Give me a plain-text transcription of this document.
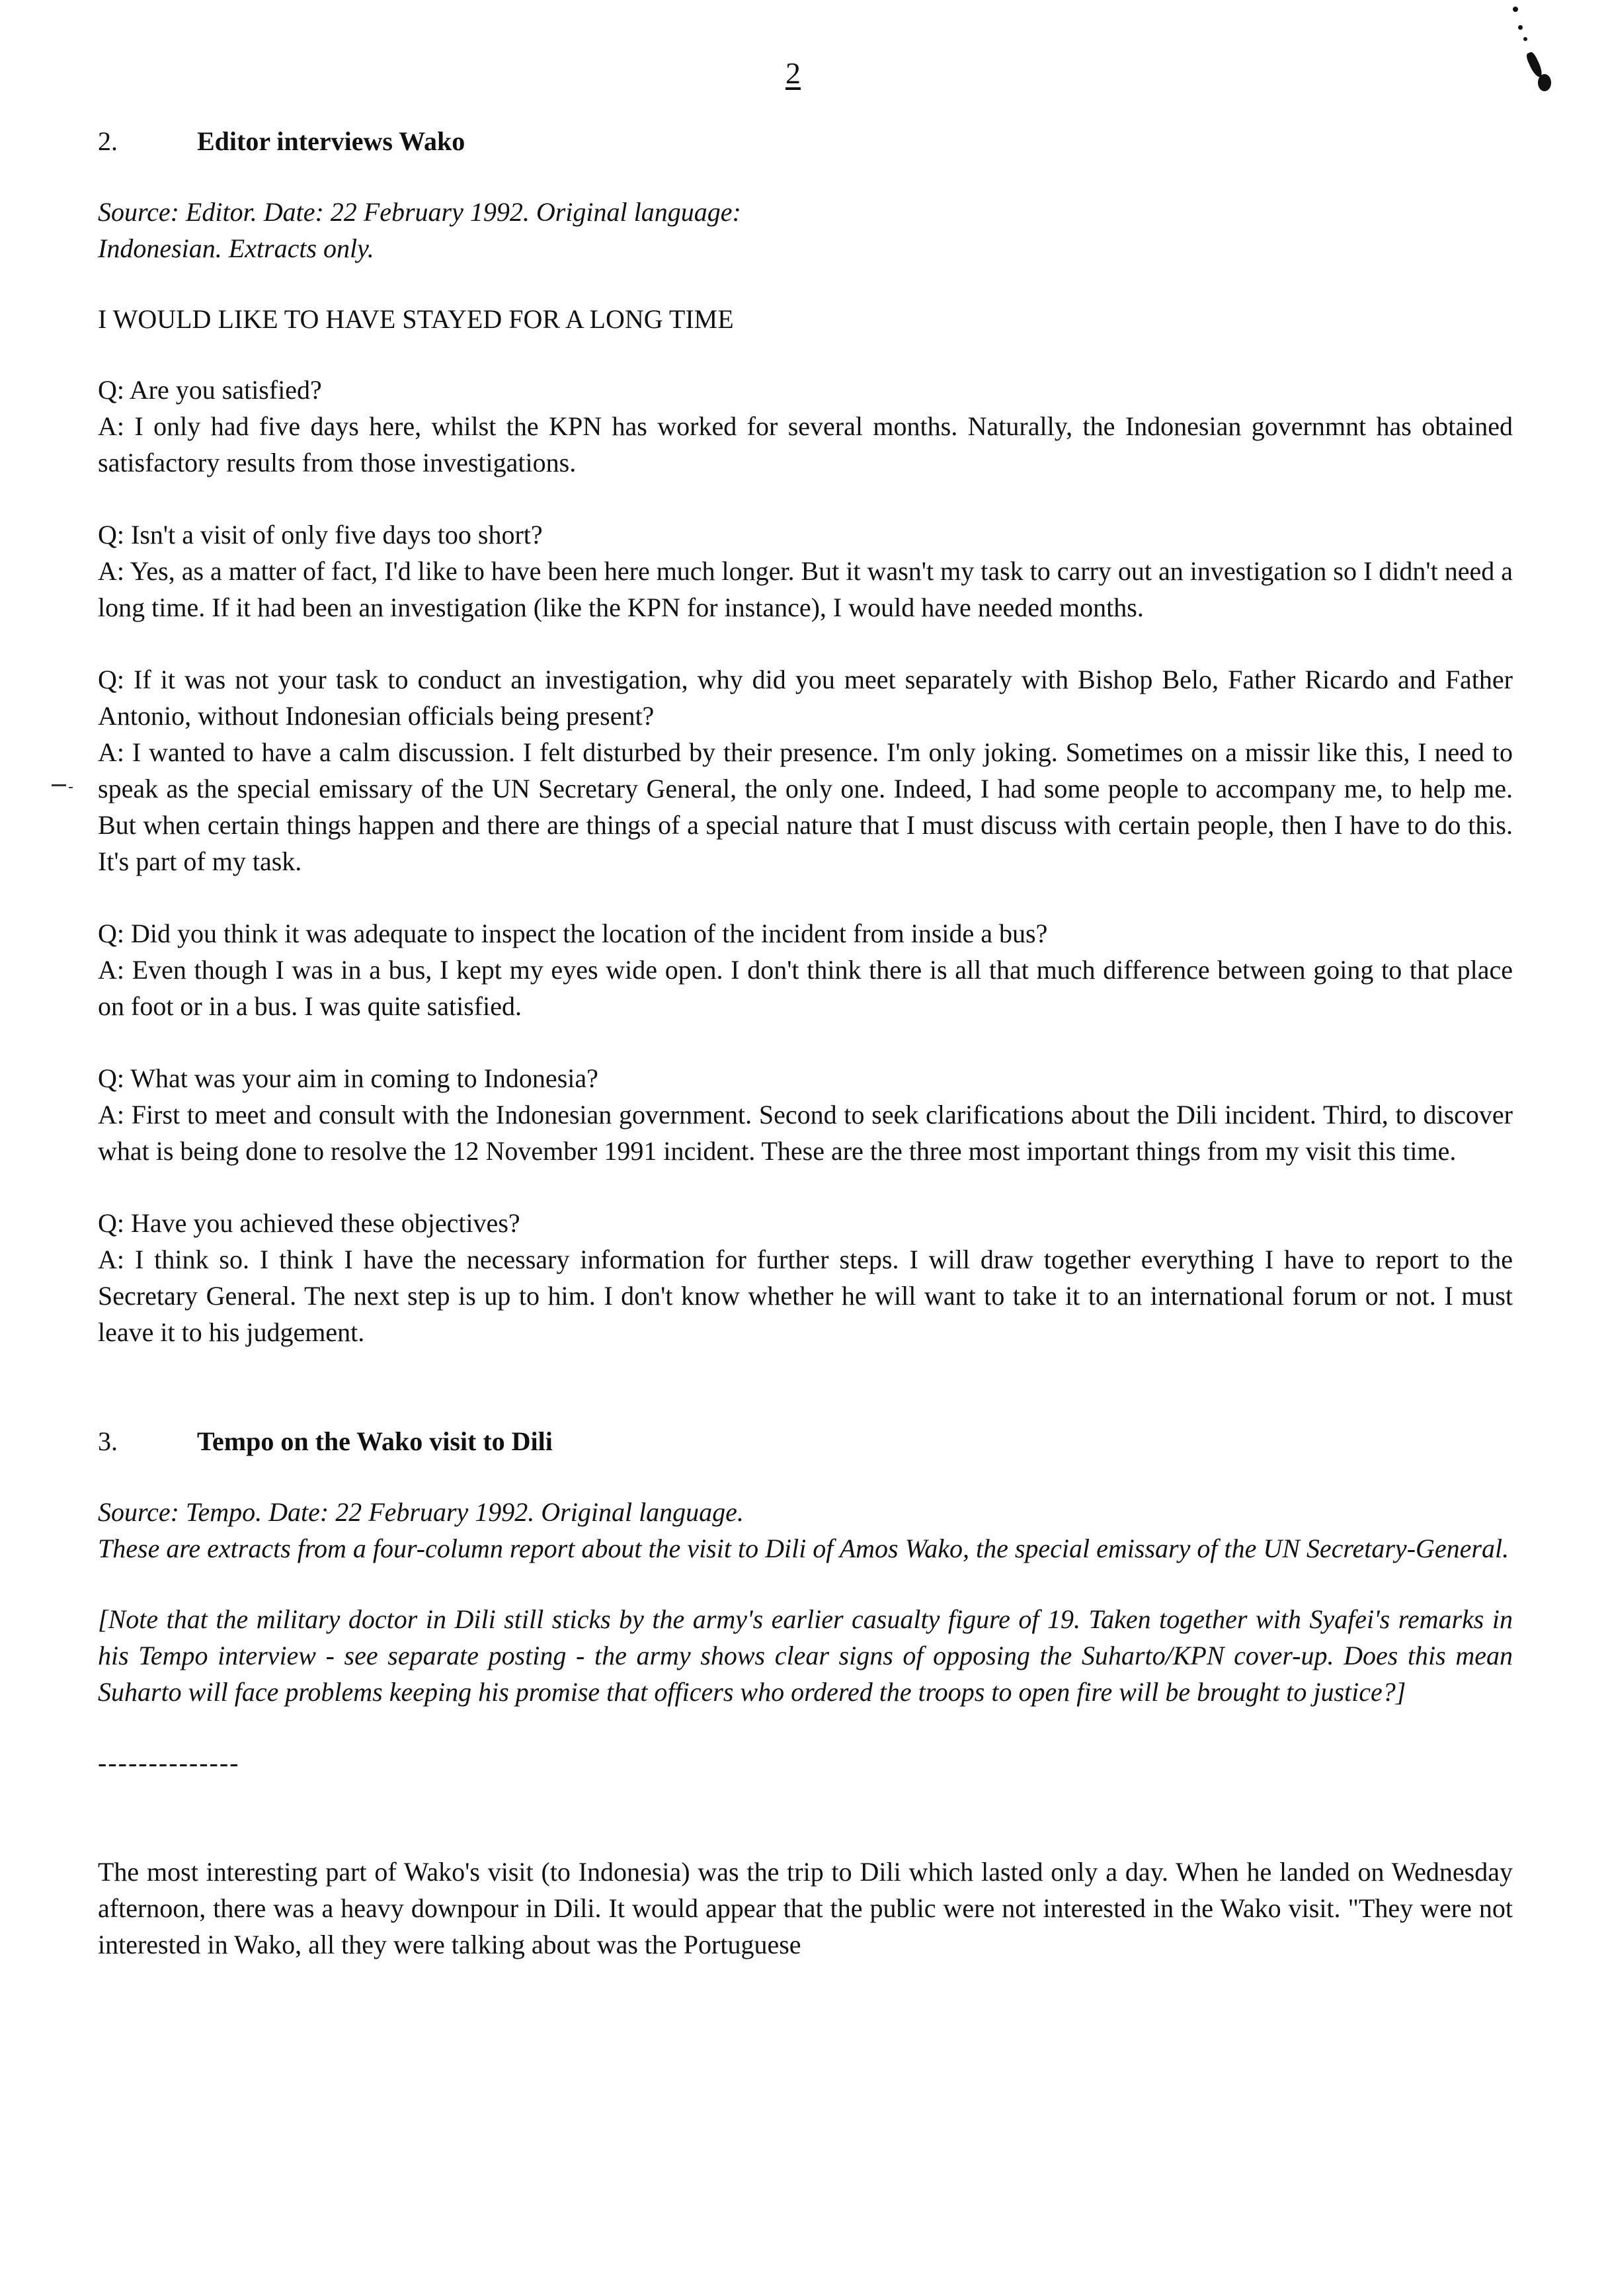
2
2.	Editor interviews Wako

Source: Editor. Date: 22 February 1992. Original language:

Indonesian. Extracts only.

I WOULD LIKE TO HAVE STAYED FOR A LONG TIME

Q: Are you satisfied?

A: I only had five days here, whilst the KPN has worked for several months. Naturally, the Indonesian governmnt has obtained satisfactory results from those investigations.

Q: Isn't a visit of only five days too short?

A: Yes, as a matter of fact, I'd like to have been here much longer. But it wasn't my task to carry out an investigation so I didn't need a long time. If it had been an investigation (like the KPN for instance), I would have needed months.

Q: If it was not your task to conduct an investigation, why did you meet separately with Bishop Belo, Father Ricardo and Father Antonio, without Indonesian officials being present?

A: I wanted to have a calm discussion. I felt disturbed by their presence. I'm only joking. Sometimes on a missir like this, I need to speak as the special emissary of the UN Secretary General, the only one. Indeed, I had some people to accompany me, to help me. But when certain things happen and there are things of a special nature that I must discuss with certain people, then I have to do this. It's part of my task.

Q: Did you think it was adequate to inspect the location of the incident from inside a bus?

A: Even though I was in a bus, I kept my eyes wide open. I don't think there is all that much difference between going to that place on foot or in a bus. I was quite satisfied.

Q: What was your aim in coming to Indonesia?

A: First to meet and consult with the Indonesian government. Second to seek clarifications about the Dili incident. Third, to discover what is being done to resolve the 12 November 1991 incident. These are the three most important things from my visit this time.

Q: Have you achieved these objectives?

A: I think so. I think I have the necessary information for further steps. I will draw together everything I have to report to the Secretary General. The next step is up to him. I don't know whether he will want to take it to an international forum or not. I must leave it to his judgement.

3.	Tempo on the Wako visit to Dili

Source: Tempo. Date: 22 February 1992. Original language.

These are extracts from a four-column report about the visit to Dili of Amos Wako, the special emissary of the UN Secretary-General.

[Note that the military doctor in Dili still sticks by the army's earlier casualty figure of 19. Taken together with Syafei's remarks in his Tempo interview - see separate posting - the army shows clear signs of opposing the Suharto/KPN cover-up. Does this mean Suharto will face problems keeping his promise that officers who ordered the troops to open fire will be brought to justice?]

--------------

The most interesting part of Wako's visit (to Indonesia) was the trip to Dili which lasted only a day. When he landed on Wednesday afternoon, there was a heavy downpour in Dili. It would appear that the public were not interested in the Wako visit. "They were not interested in Wako, all they were talking about was the Portuguese
